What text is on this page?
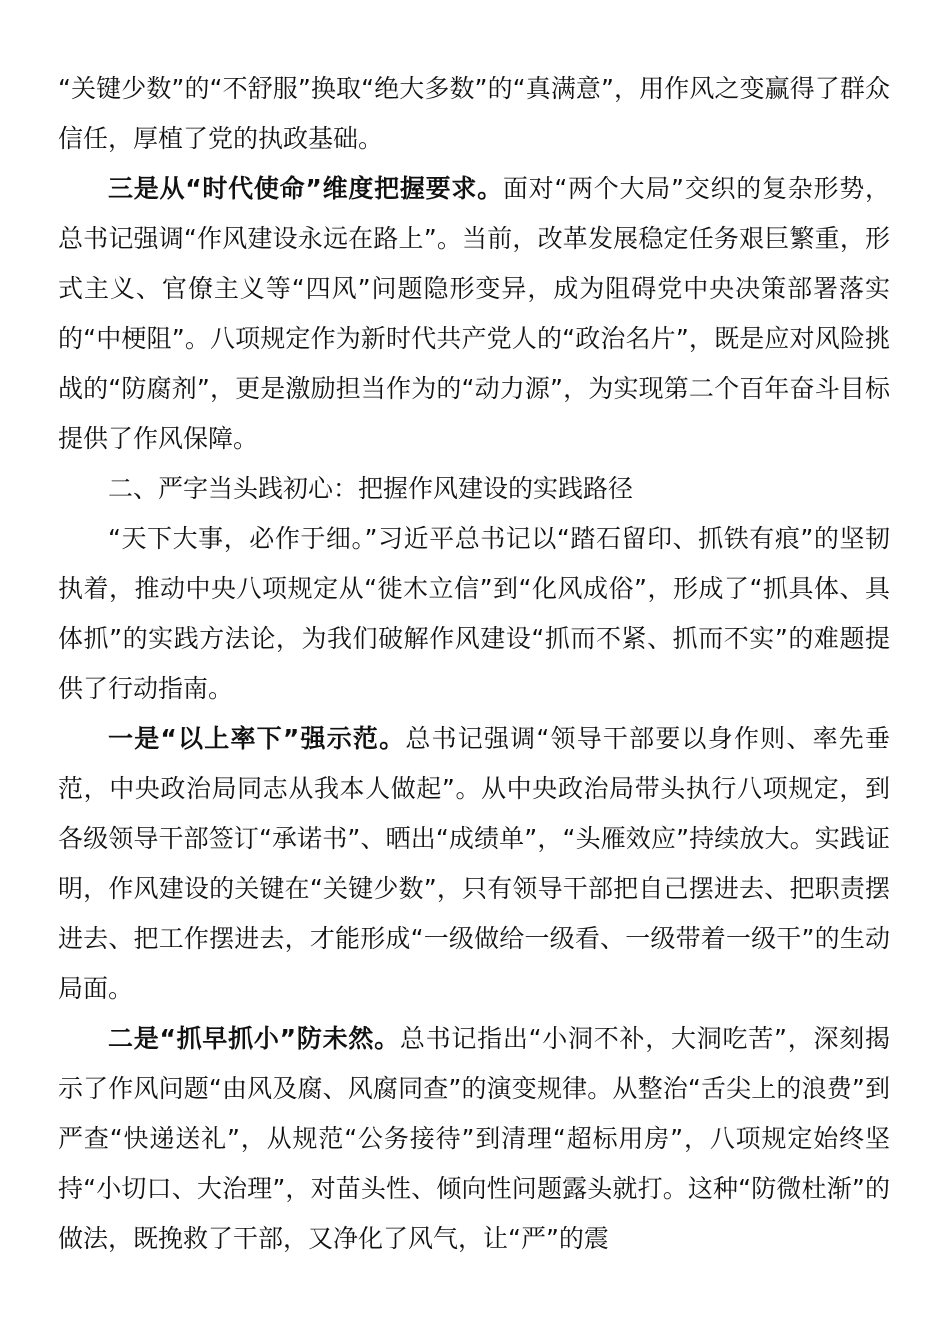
“关键少数”的“不舒服”换取“绝大多数”的“真满意”，用作风之变赢得了群众信任，厚植了党的执政基础。

三是从“时代使命”维度把握要求。面对“两个大局”交织的复杂形势，总书记强调“作风建设永远在路上”。当前，改革发展稳定任务艰巨繁重，形式主义、官僚主义等“四风”问题隐形变异，成为阻碍党中央决策部署落实的“中梗阻”。八项规定作为新时代共产党人的“政治名片”，既是应对风险挑战的“防腐剂”，更是激励担当作为的“动力源”，为实现第二个百年奋斗目标提供了作风保障。

二、严字当头践初心：把握作风建设的实践路径

“天下大事，必作于细。”习近平总书记以“踏石留印、抓铁有痕”的坚韧执着，推动中央八项规定从“徙木立信”到“化风成俗”，形成了“抓具体、具体抓”的实践方法论，为我们破解作风建设“抓而不紧、抓而不实”的难题提供了行动指南。

一是“以上率下”强示范。总书记强调“领导干部要以身作则、率先垂范，中央政治局同志从我本人做起”。从中央政治局带头执行八项规定，到各级领导干部签订“承诺书”、晒出“成绩单”，“头雁效应”持续放大。实践证明，作风建设的关键在“关键少数”，只有领导干部把自己摆进去、把职责摆进去、把工作摆进去，才能形成“一级做给一级看、一级带着一级干”的生动局面。

二是“抓早抓小”防未然。总书记指出“小洞不补，大洞吃苦”，深刻揭示了作风问题“由风及腐、风腐同查”的演变规律。从整治“舌尖上的浪费”到严查“快递送礼”，从规范“公务接待”到清理“超标用房”，八项规定始终坚持“小切口、大治理”，对苗头性、倾向性问题露头就打。这种“防微杜渐”的做法，既挽救了干部，又净化了风气，让“严”的震
